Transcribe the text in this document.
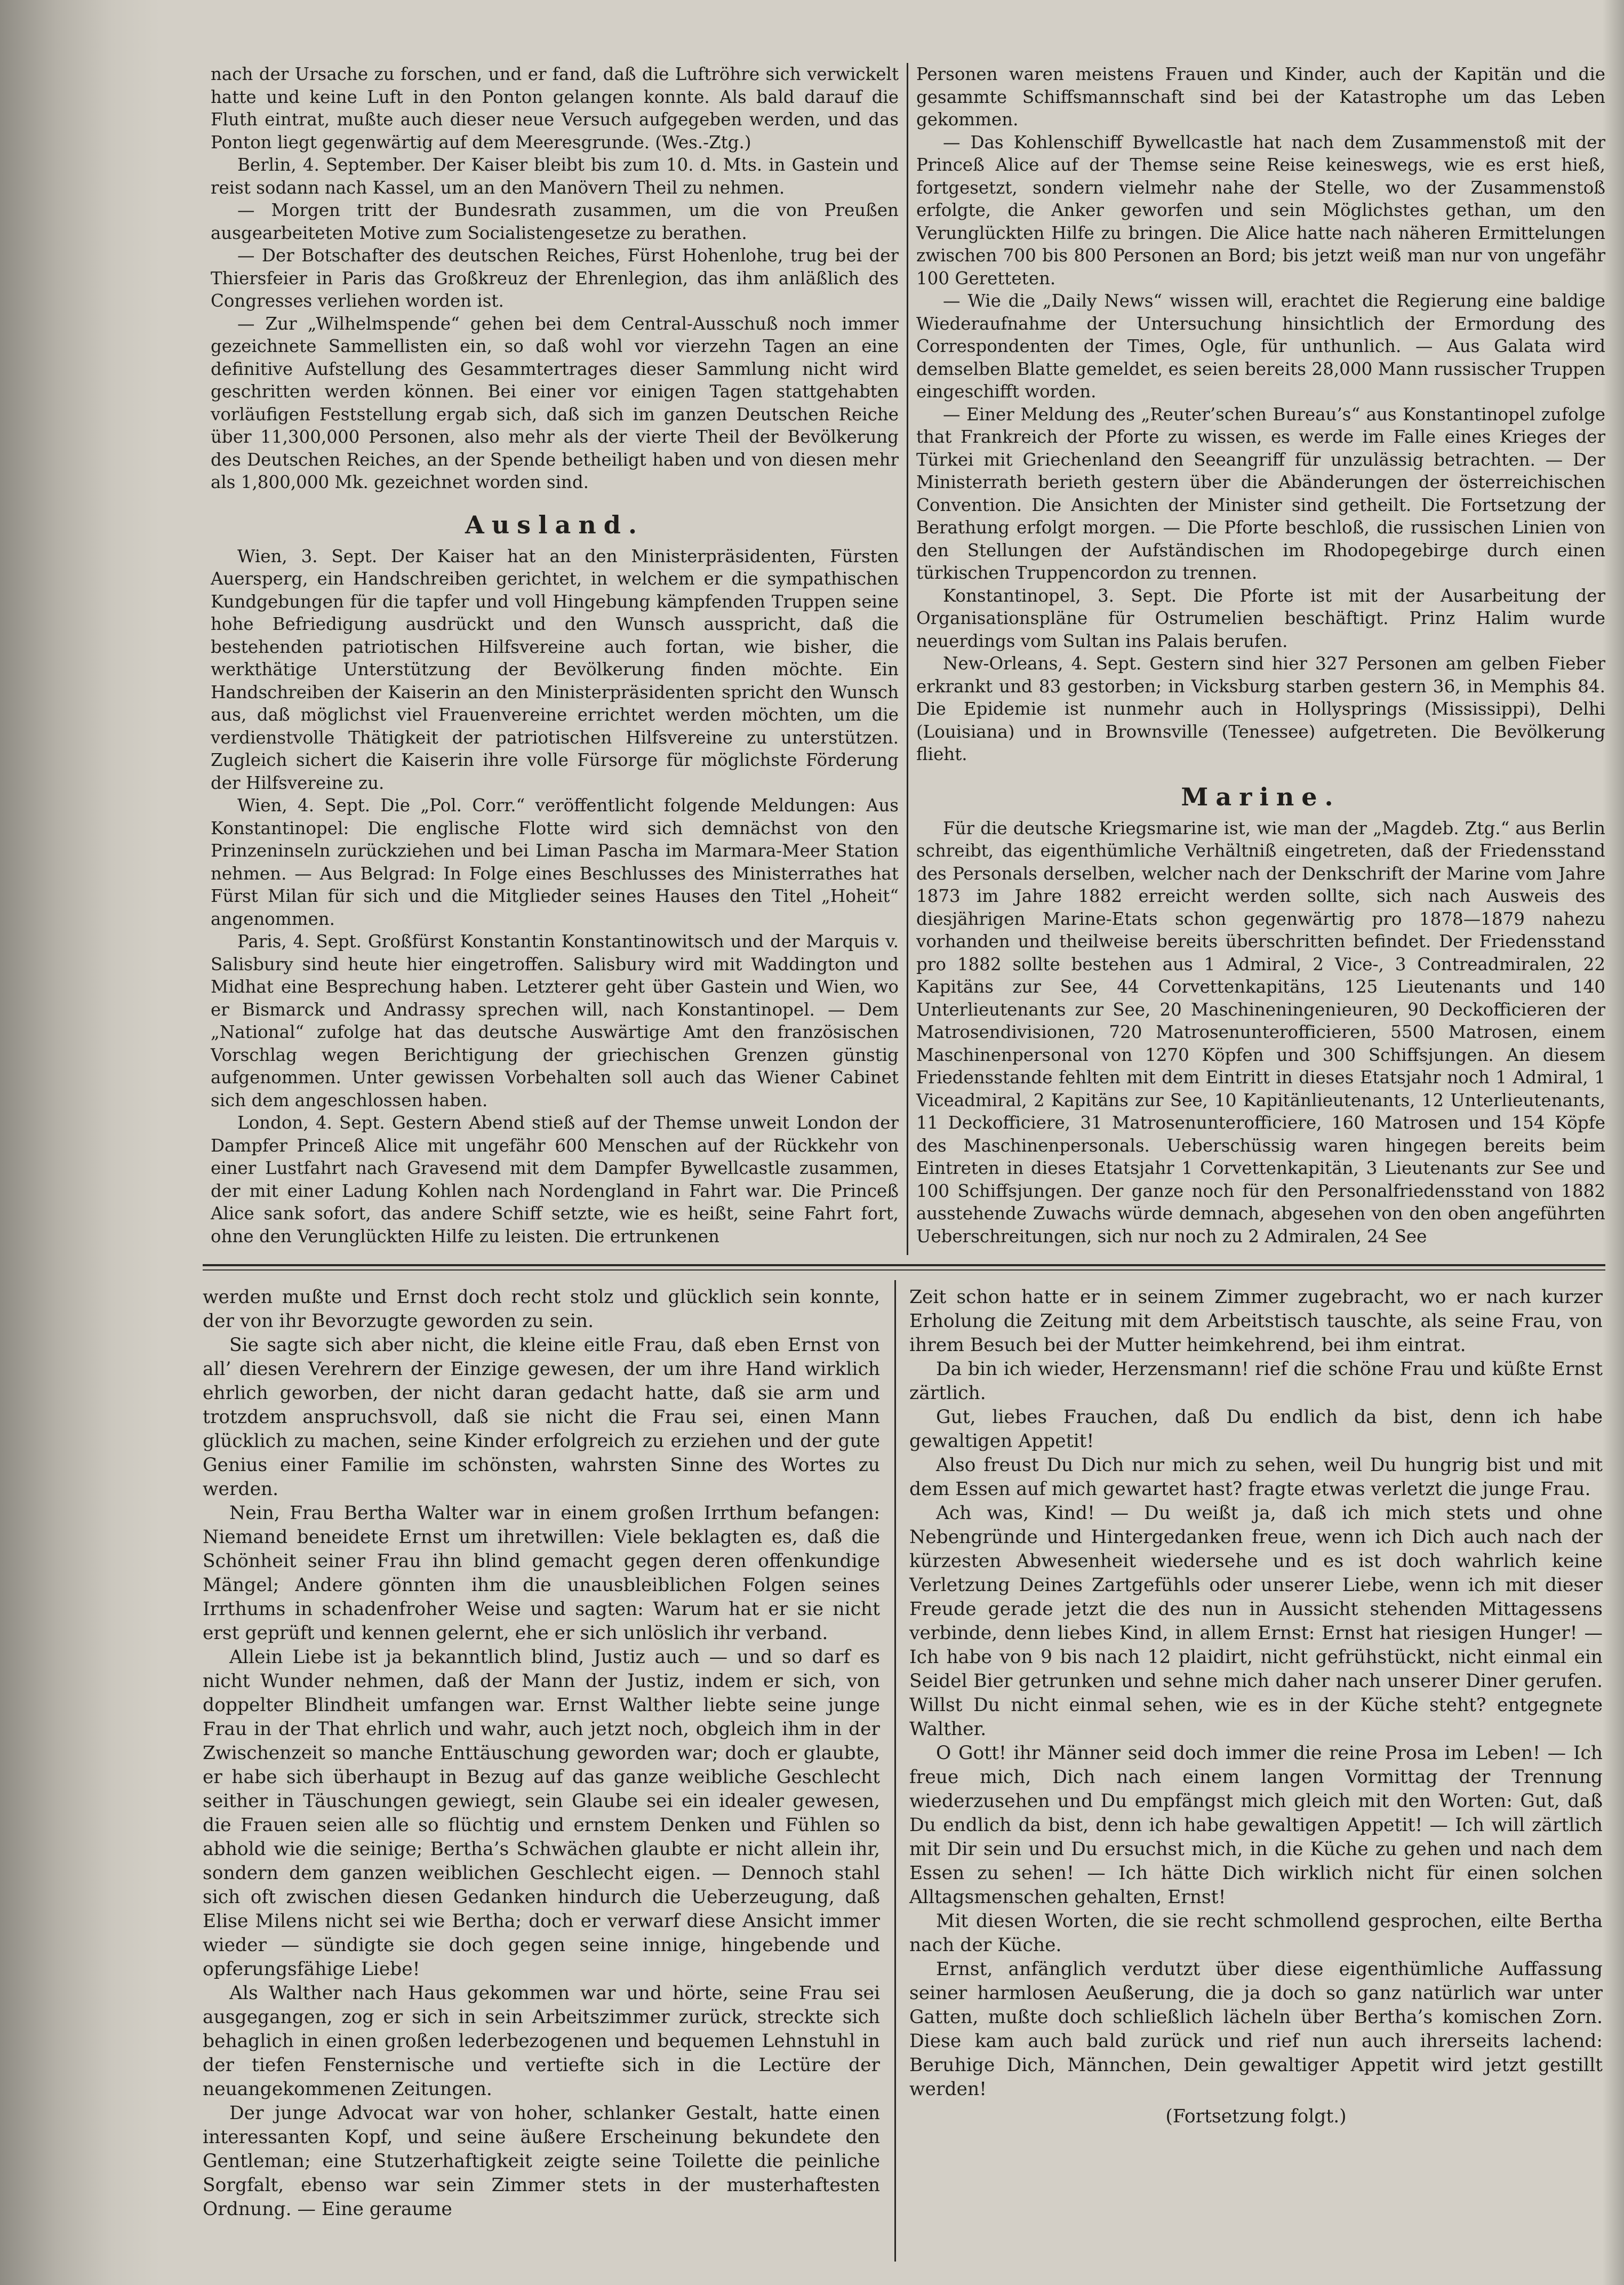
nach der Ursache zu forschen, und er fand, daß die Luftröhre sich verwickelt hatte und keine Luft in den Ponton gelangen konnte. Als bald darauf die Fluth eintrat, mußte auch dieser neue Versuch aufgegeben werden, und das Ponton liegt gegenwärtig auf dem Meeresgrunde. (Wes.-Ztg.)

Berlin, 4. September. Der Kaiser bleibt bis zum 10. d. Mts. in Gastein und reist sodann nach Kassel, um an den Manövern Theil zu nehmen.

— Morgen tritt der Bundesrath zusammen, um die von Preußen ausgearbeiteten Motive zum Socialistengesetze zu berathen.

— Der Botschafter des deutschen Reiches, Fürst Hohenlohe, trug bei der Thiersfeier in Paris das Großkreuz der Ehrenlegion, das ihm anläßlich des Congresses verliehen worden ist.

— Zur „Wilhelmspende“ gehen bei dem Central-Ausschuß noch immer gezeichnete Sammellisten ein, so daß wohl vor vierzehn Tagen an eine definitive Aufstellung des Gesammtertrages dieser Sammlung nicht wird geschritten werden können. Bei einer vor einigen Tagen stattgehabten vorläufigen Feststellung ergab sich, daß sich im ganzen Deutschen Reiche über 11,300,000 Personen, also mehr als der vierte Theil der Bevölkerung des Deutschen Reiches, an der Spende betheiligt haben und von diesen mehr als 1,800,000 Mk. gezeichnet worden sind.

Ausland.

Wien, 3. Sept. Der Kaiser hat an den Ministerpräsidenten, Fürsten Auersperg, ein Handschreiben gerichtet, in welchem er die sympathischen Kundgebungen für die tapfer und voll Hingebung kämpfenden Truppen seine hohe Befriedigung ausdrückt und den Wunsch ausspricht, daß die bestehenden patriotischen Hilfsvereine auch fortan, wie bisher, die werkthätige Unterstützung der Bevölkerung finden möchte. Ein Handschreiben der Kaiserin an den Ministerpräsidenten spricht den Wunsch aus, daß möglichst viel Frauenvereine errichtet werden möchten, um die verdienstvolle Thätigkeit der patriotischen Hilfsvereine zu unterstützen. Zugleich sichert die Kaiserin ihre volle Fürsorge für möglichste Förderung der Hilfsvereine zu.

Wien, 4. Sept. Die „Pol. Corr.“ veröffentlicht folgende Meldungen: Aus Konstantinopel: Die englische Flotte wird sich demnächst von den Prinzeninseln zurückziehen und bei Liman Pascha im Marmara-Meer Station nehmen. — Aus Belgrad: In Folge eines Beschlusses des Ministerrathes hat Fürst Milan für sich und die Mitglieder seines Hauses den Titel „Hoheit“ angenommen.

Paris, 4. Sept. Großfürst Konstantin Konstantinowitsch und der Marquis v. Salisbury sind heute hier eingetroffen. Salisbury wird mit Waddington und Midhat eine Besprechung haben. Letzterer geht über Gastein und Wien, wo er Bismarck und Andrassy sprechen will, nach Konstantinopel. — Dem „National“ zufolge hat das deutsche Auswärtige Amt den französischen Vorschlag wegen Berichtigung der griechischen Grenzen günstig aufgenommen. Unter gewissen Vorbehalten soll auch das Wiener Cabinet sich dem angeschlossen haben.

London, 4. Sept. Gestern Abend stieß auf der Themse unweit London der Dampfer Princeß Alice mit ungefähr 600 Menschen auf der Rückkehr von einer Lustfahrt nach Gravesend mit dem Dampfer Bywellcastle zusammen, der mit einer Ladung Kohlen nach Nordengland in Fahrt war. Die Princeß Alice sank sofort, das andere Schiff setzte, wie es heißt, seine Fahrt fort, ohne den Verunglückten Hilfe zu leisten. Die ertrunkenen

Personen waren meistens Frauen und Kinder, auch der Kapitän und die gesammte Schiffsmannschaft sind bei der Katastrophe um das Leben gekommen.

— Das Kohlenschiff Bywellcastle hat nach dem Zusammenstoß mit der Princeß Alice auf der Themse seine Reise keineswegs, wie es erst hieß, fortgesetzt, sondern vielmehr nahe der Stelle, wo der Zusammenstoß erfolgte, die Anker geworfen und sein Möglichstes gethan, um den Verunglückten Hilfe zu bringen. Die Alice hatte nach näheren Ermittelungen zwischen 700 bis 800 Personen an Bord; bis jetzt weiß man nur von ungefähr 100 Geretteten.

— Wie die „Daily News“ wissen will, erachtet die Regierung eine baldige Wiederaufnahme der Untersuchung hinsichtlich der Ermordung des Correspondenten der Times, Ogle, für unthunlich. — Aus Galata wird demselben Blatte gemeldet, es seien bereits 28,000 Mann russischer Truppen eingeschifft worden.

— Einer Meldung des „Reuter’schen Bureau’s“ aus Konstantinopel zufolge that Frankreich der Pforte zu wissen, es werde im Falle eines Krieges der Türkei mit Griechenland den Seeangriff für unzulässig betrachten. — Der Ministerrath berieth gestern über die Abänderungen der österreichischen Convention. Die Ansichten der Minister sind getheilt. Die Fortsetzung der Berathung erfolgt morgen. — Die Pforte beschloß, die russischen Linien von den Stellungen der Aufständischen im Rhodopegebirge durch einen türkischen Truppencordon zu trennen.

Konstantinopel, 3. Sept. Die Pforte ist mit der Ausarbeitung der Organisationspläne für Ostrumelien beschäftigt. Prinz Halim wurde neuerdings vom Sultan ins Palais berufen.

New-Orleans, 4. Sept. Gestern sind hier 327 Personen am gelben Fieber erkrankt und 83 gestorben; in Vicksburg starben gestern 36, in Memphis 84. Die Epidemie ist nunmehr auch in Hollysprings (Mississippi), Delhi (Louisiana) und in Brownsville (Tenessee) aufgetreten. Die Bevölkerung flieht.

Marine.

Für die deutsche Kriegsmarine ist, wie man der „Magdeb. Ztg.“ aus Berlin schreibt, das eigenthümliche Verhältniß eingetreten, daß der Friedensstand des Personals derselben, welcher nach der Denkschrift der Marine vom Jahre 1873 im Jahre 1882 erreicht werden sollte, sich nach Ausweis des diesjährigen Marine-Etats schon gegenwärtig pro 1878—1879 nahezu vorhanden und theilweise bereits überschritten befindet. Der Friedensstand pro 1882 sollte bestehen aus 1 Admiral, 2 Vice-, 3 Contreadmiralen, 22 Kapitäns zur See, 44 Corvettenkapitäns, 125 Lieutenants und 140 Unterlieutenants zur See, 20 Maschineningenieuren, 90 Deckofficieren der Matrosendivisionen, 720 Matrosenunterofficieren, 5500 Matrosen, einem Maschinenpersonal von 1270 Köpfen und 300 Schiffsjungen. An diesem Friedensstande fehlten mit dem Eintritt in dieses Etatsjahr noch 1 Admiral, 1 Viceadmiral, 2 Kapitäns zur See, 10 Kapitänlieutenants, 12 Unterlieutenants, 11 Deckofficiere, 31 Matrosenunterofficiere, 160 Matrosen und 154 Köpfe des Maschinenpersonals. Ueberschüssig waren hingegen bereits beim Eintreten in dieses Etatsjahr 1 Corvettenkapitän, 3 Lieutenants zur See und 100 Schiffsjungen. Der ganze noch für den Personalfriedensstand von 1882 ausstehende Zuwachs würde demnach, abgesehen von den oben angeführten Ueberschreitungen, sich nur noch zu 2 Admiralen, 24 See

werden mußte und Ernst doch recht stolz und glücklich sein konnte, der von ihr Bevorzugte geworden zu sein.

Sie sagte sich aber nicht, die kleine eitle Frau, daß eben Ernst von all’ diesen Verehrern der Einzige gewesen, der um ihre Hand wirklich ehrlich geworben, der nicht daran gedacht hatte, daß sie arm und trotzdem anspruchsvoll, daß sie nicht die Frau sei, einen Mann glücklich zu machen, seine Kinder erfolgreich zu erziehen und der gute Genius einer Familie im schönsten, wahrsten Sinne des Wortes zu werden.

Nein, Frau Bertha Walter war in einem großen Irrthum befangen: Niemand beneidete Ernst um ihretwillen: Viele beklagten es, daß die Schönheit seiner Frau ihn blind gemacht gegen deren offenkundige Mängel; Andere gönnten ihm die unausbleiblichen Folgen seines Irrthums in schadenfroher Weise und sagten: Warum hat er sie nicht erst geprüft und kennen gelernt, ehe er sich unlöslich ihr verband.

Allein Liebe ist ja bekanntlich blind, Justiz auch — und so darf es nicht Wunder nehmen, daß der Mann der Justiz, indem er sich, von doppelter Blindheit umfangen war. Ernst Walther liebte seine junge Frau in der That ehrlich und wahr, auch jetzt noch, obgleich ihm in der Zwischenzeit so manche Enttäuschung geworden war; doch er glaubte, er habe sich überhaupt in Bezug auf das ganze weibliche Geschlecht seither in Täuschungen gewiegt, sein Glaube sei ein idealer gewesen, die Frauen seien alle so flüchtig und ernstem Denken und Fühlen so abhold wie die seinige; Bertha’s Schwächen glaubte er nicht allein ihr, sondern dem ganzen weiblichen Geschlecht eigen. — Dennoch stahl sich oft zwischen diesen Gedanken hindurch die Ueberzeugung, daß Elise Milens nicht sei wie Bertha; doch er verwarf diese Ansicht immer wieder — sündigte sie doch gegen seine innige, hingebende und opferungsfähige Liebe!

Als Walther nach Haus gekommen war und hörte, seine Frau sei ausgegangen, zog er sich in sein Arbeitszimmer zurück, streckte sich behaglich in einen großen lederbezogenen und bequemen Lehnstuhl in der tiefen Fensternische und vertiefte sich in die Lectüre der neuangekommenen Zeitungen.

Der junge Advocat war von hoher, schlanker Gestalt, hatte einen interessanten Kopf, und seine äußere Erscheinung bekundete den Gentleman; eine Stutzerhaftigkeit zeigte seine Toilette die peinliche Sorgfalt, ebenso war sein Zimmer stets in der musterhaftesten Ordnung. — Eine geraume

Zeit schon hatte er in seinem Zimmer zugebracht, wo er nach kurzer Erholung die Zeitung mit dem Arbeitstisch tauschte, als seine Frau, von ihrem Besuch bei der Mutter heimkehrend, bei ihm eintrat.

Da bin ich wieder, Herzensmann! rief die schöne Frau und küßte Ernst zärtlich.

Gut, liebes Frauchen, daß Du endlich da bist, denn ich habe gewaltigen Appetit!

Also freust Du Dich nur mich zu sehen, weil Du hungrig bist und mit dem Essen auf mich gewartet hast? fragte etwas verletzt die junge Frau.

Ach was, Kind! — Du weißt ja, daß ich mich stets und ohne Nebengründe und Hintergedanken freue, wenn ich Dich auch nach der kürzesten Abwesenheit wiedersehe und es ist doch wahrlich keine Verletzung Deines Zartgefühls oder unserer Liebe, wenn ich mit dieser Freude gerade jetzt die des nun in Aussicht stehenden Mittagessens verbinde, denn liebes Kind, in allem Ernst: Ernst hat riesigen Hunger! — Ich habe von 9 bis nach 12 plaidirt, nicht gefrühstückt, nicht einmal ein Seidel Bier getrunken und sehne mich daher nach unserer Diner gerufen. Willst Du nicht einmal sehen, wie es in der Küche steht? entgegnete Walther.

O Gott! ihr Männer seid doch immer die reine Prosa im Leben! — Ich freue mich, Dich nach einem langen Vormittag der Trennung wiederzusehen und Du empfängst mich gleich mit den Worten: Gut, daß Du endlich da bist, denn ich habe gewaltigen Appetit! — Ich will zärtlich mit Dir sein und Du ersuchst mich, in die Küche zu gehen und nach dem Essen zu sehen! — Ich hätte Dich wirklich nicht für einen solchen Alltagsmenschen gehalten, Ernst!

Mit diesen Worten, die sie recht schmollend gesprochen, eilte Bertha nach der Küche.

Ernst, anfänglich verdutzt über diese eigenthümliche Auffassung seiner harmlosen Aeußerung, die ja doch so ganz natürlich war unter Gatten, mußte doch schließlich lächeln über Bertha’s komischen Zorn. Diese kam auch bald zurück und rief nun auch ihrerseits lachend: Beruhige Dich, Männchen, Dein gewaltiger Appetit wird jetzt gestillt werden!

(Fortsetzung folgt.)
